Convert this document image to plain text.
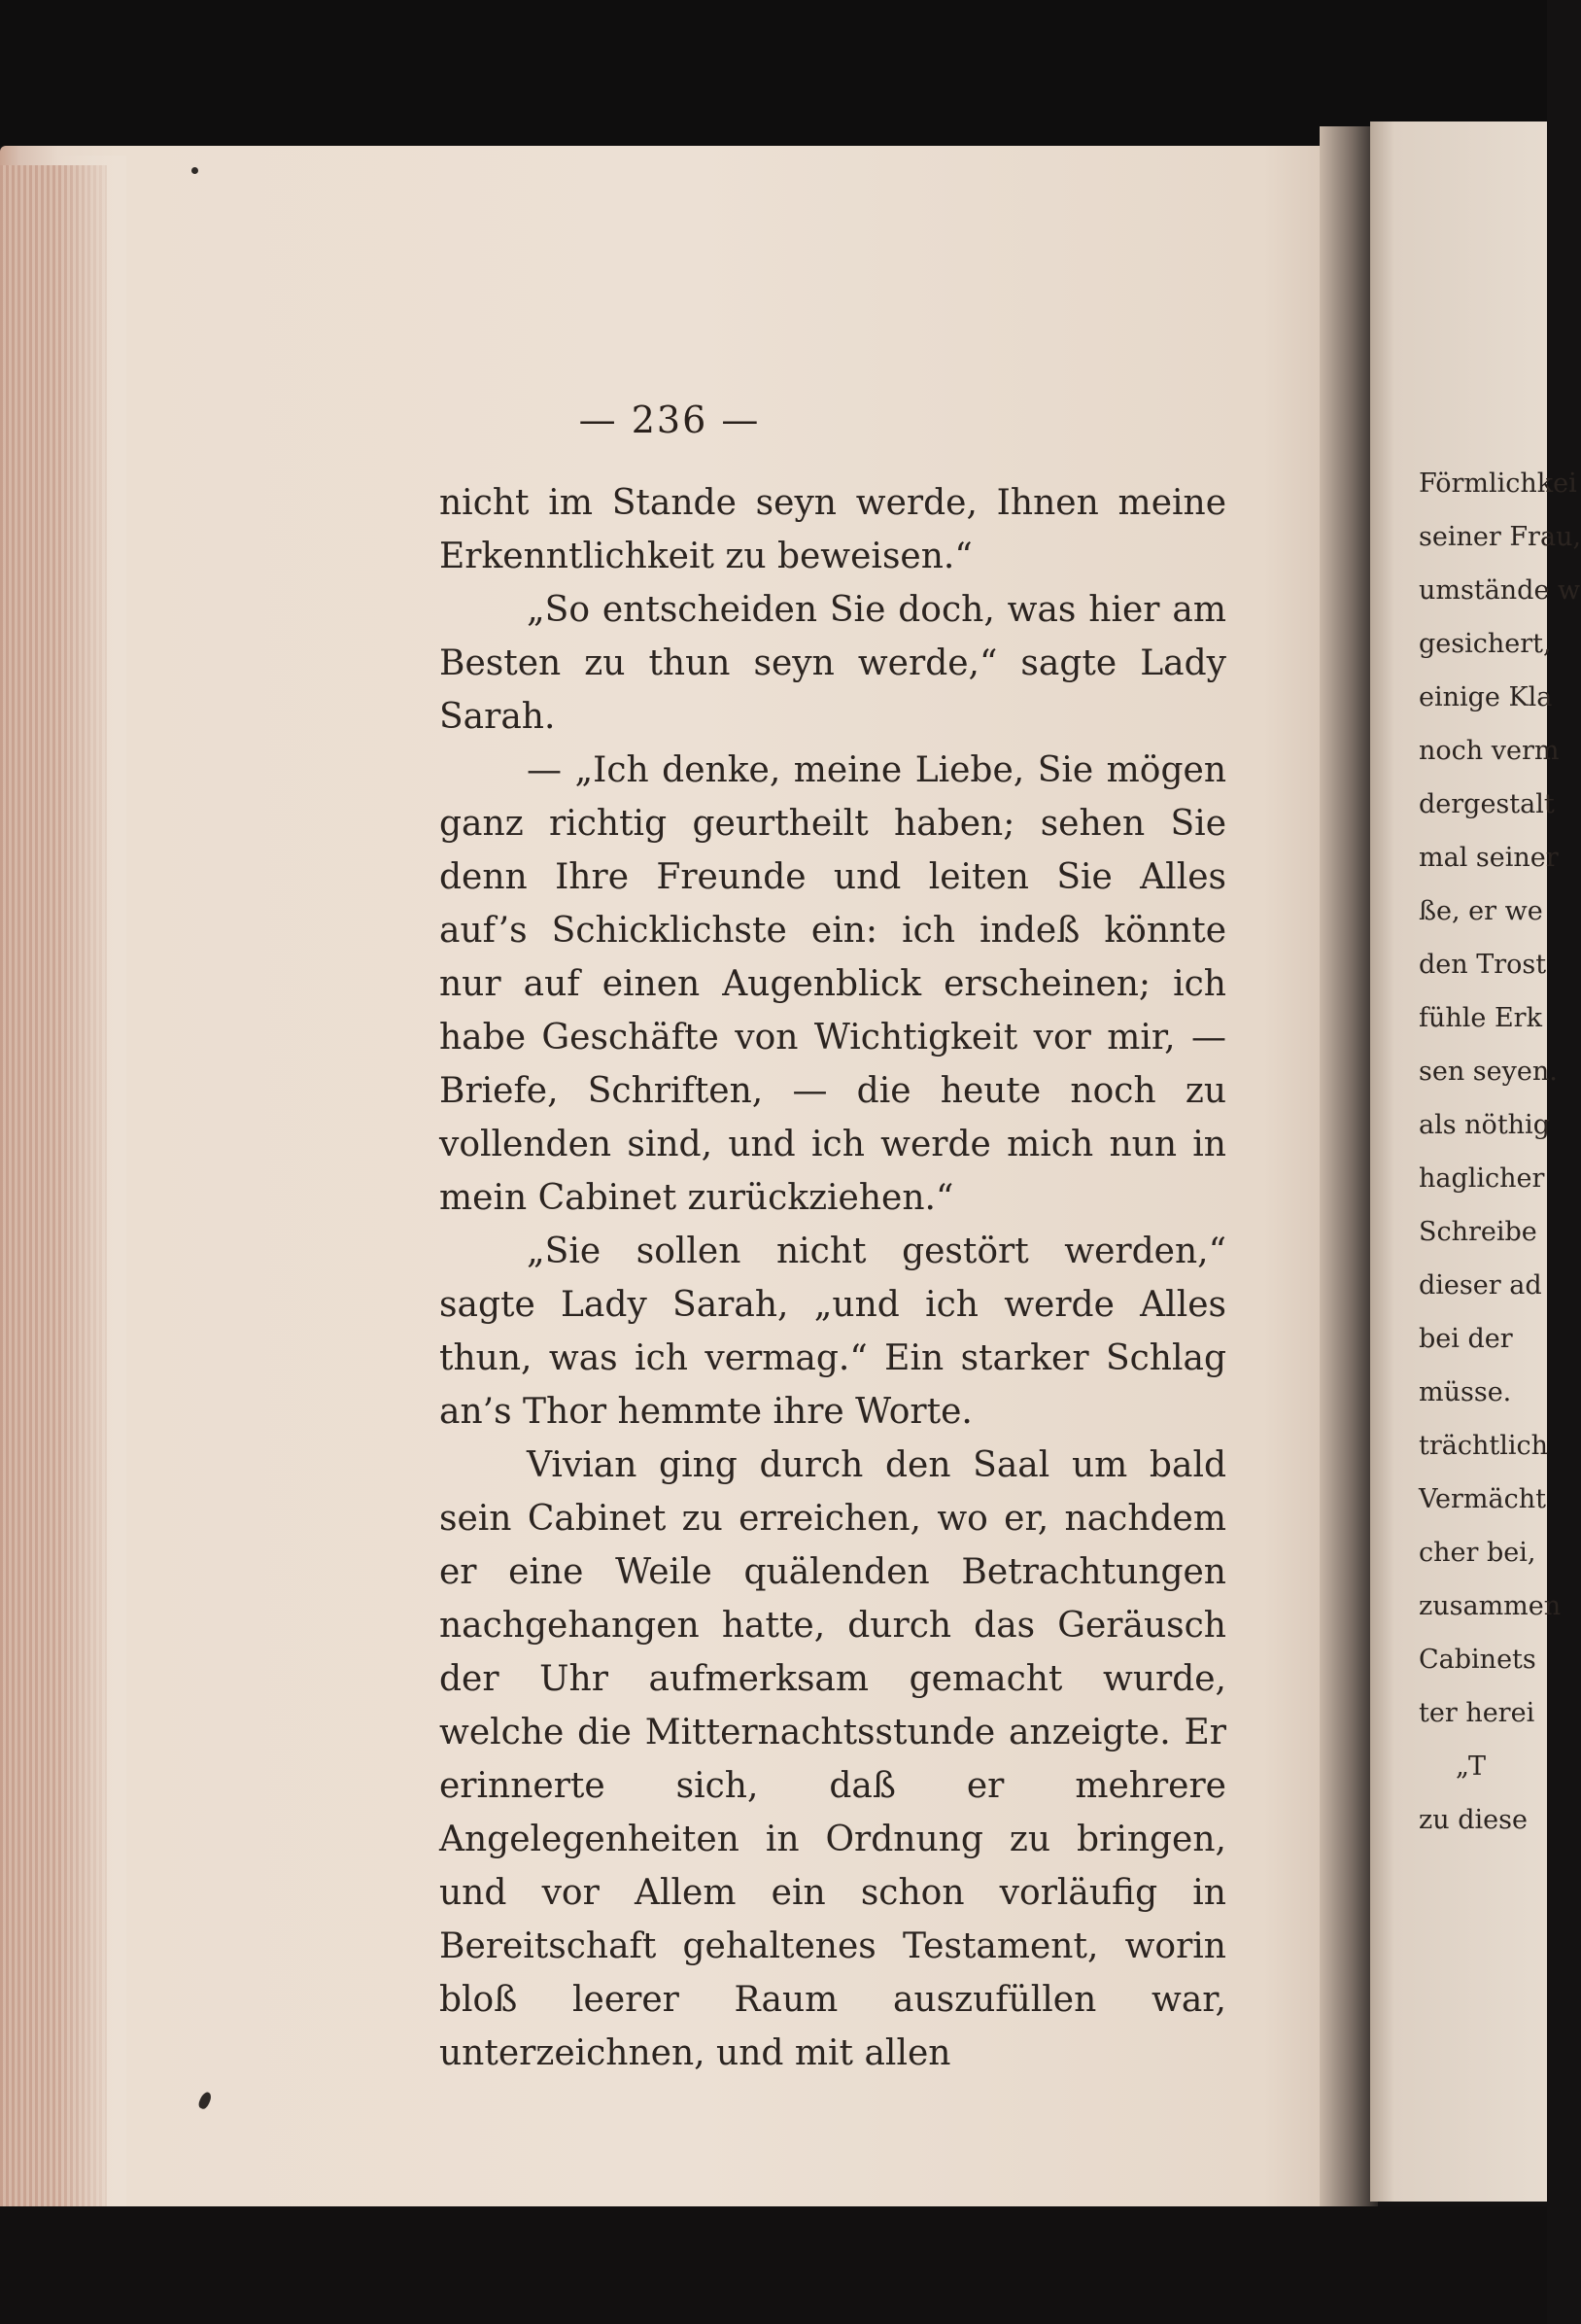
— 236 —

nicht im Stande seyn werde, Ihnen meine Erkenntlichkeit zu beweisen.“

„So entscheiden Sie doch, was hier am Besten zu thun seyn werde,“ sagte Lady Sarah.

— „Ich denke, meine Liebe, Sie mögen ganz richtig geurtheilt haben; sehen Sie denn Ihre Freunde und leiten Sie Alles auf’s Schicklichste ein: ich indeß könnte nur auf einen Augenblick erscheinen; ich habe Geschäfte von Wichtigkeit vor mir, — Briefe, Schriften, — die heute noch zu vollenden sind, und ich werde mich nun in mein Cabinet zurückziehen.“

„Sie sollen nicht gestört werden,“ sagte Lady Sarah, „und ich werde Alles thun, was ich vermag.“ Ein starker Schlag an’s Thor hemmte ihre Worte.

Vivian ging durch den Saal um bald sein Cabinet zu erreichen, wo er, nachdem er eine Weile quälenden Betrachtungen nachgehangen hatte, durch das Geräusch der Uhr aufmerksam gemacht wurde, welche die Mitternachtsstunde anzeigte. Er erinnerte sich, daß er mehrere Angelegenheiten in Ordnung zu bringen, und vor Allem ein schon vorläufig in Bereitschaft gehaltenes Testament, worin bloß leerer Raum auszufüllen war, unterzeichnen, und mit allen

Förmlichkei
seiner Frau,
umstände w
gesichert,
einige Kla
noch verm
dergestalt
mal seiner
ße, er we
den Trost
fühle Erk
sen seyen.
als nöthig
haglicher
Schreibe
dieser ad
bei der
müsse.
trächtlich
Vermächt
cher bei,
zusammen
Cabinets
ter herei
„T
zu diese
